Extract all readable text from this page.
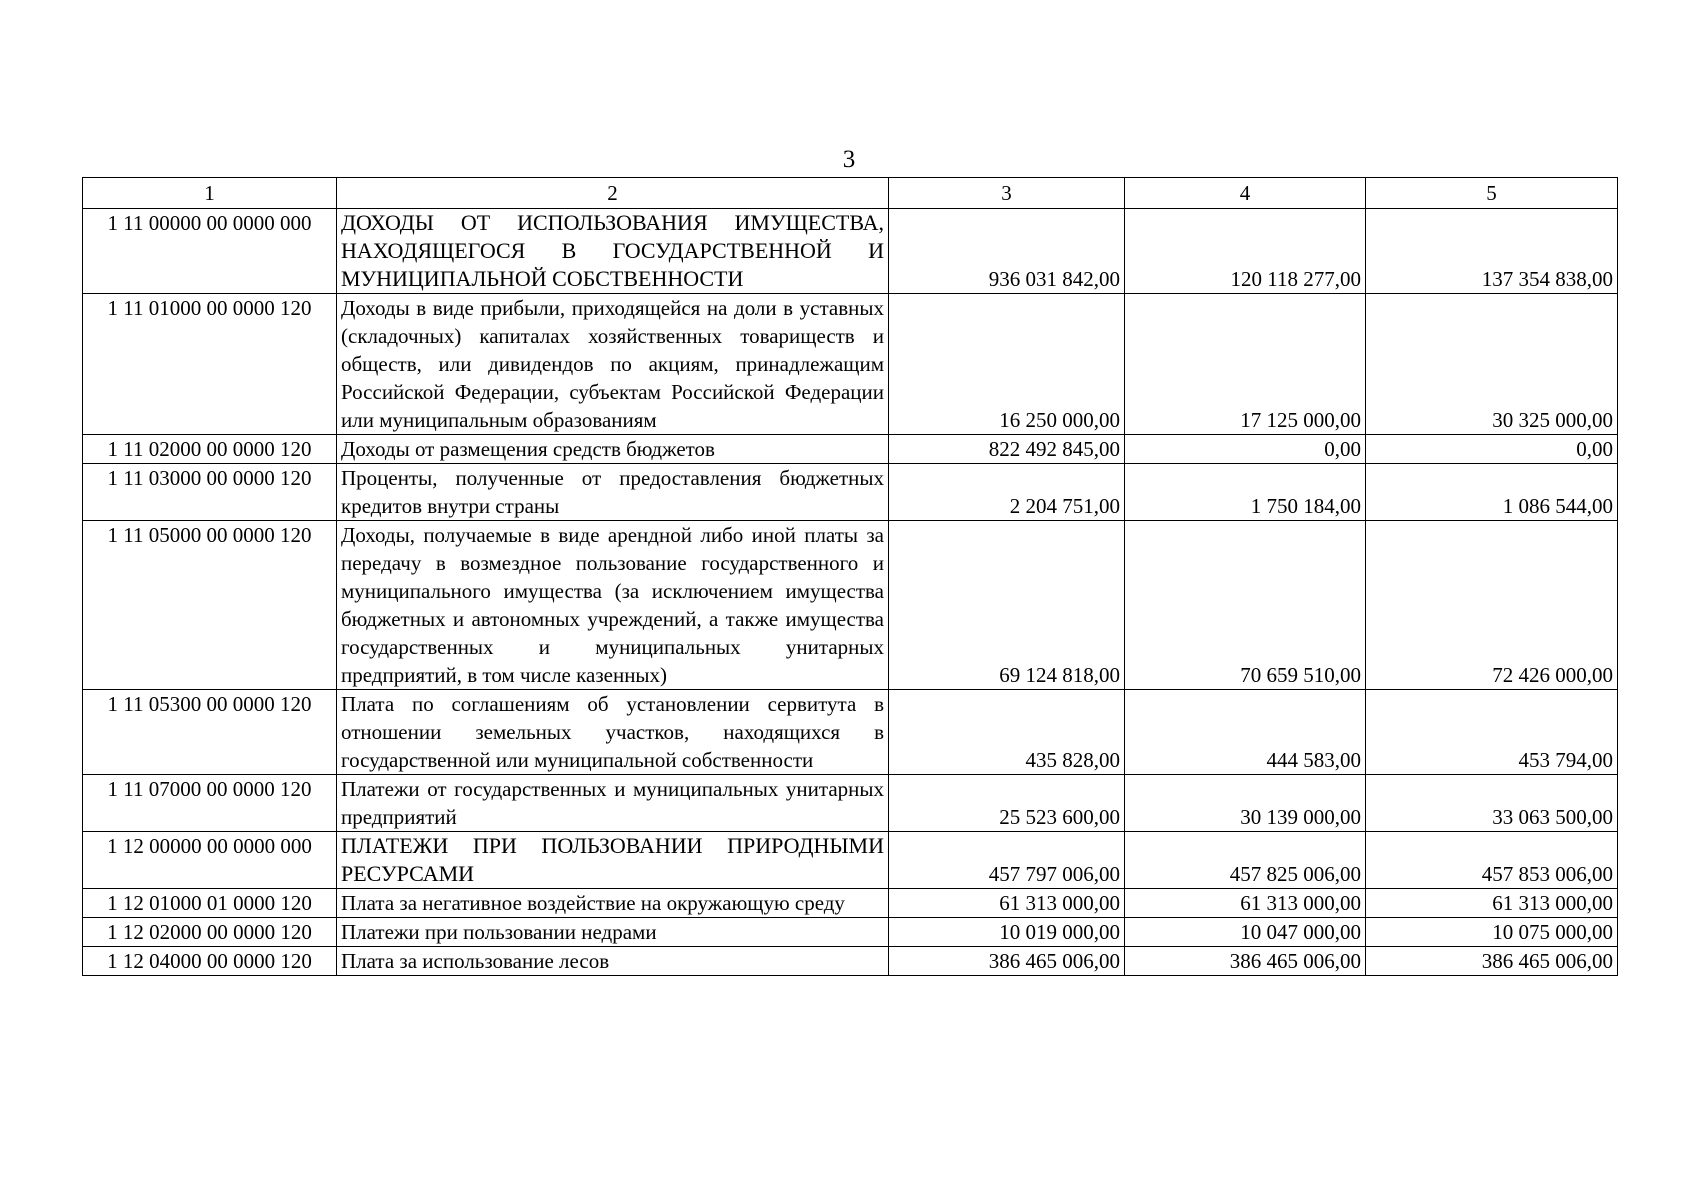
3
1	2	3	4	5
1 11 00000 00 0000 000	ДОХОДЫ ОТ ИСПОЛЬЗОВАНИЯ ИМУЩЕСТВА, НАХОДЯЩЕГОСЯ В ГОСУДАРСТВЕННОЙ И МУНИЦИПАЛЬНОЙ СОБСТВЕННОСТИ	936 031 842,00	120 118 277,00	137 354 838,00
1 11 01000 00 0000 120	Доходы в виде прибыли, приходящейся на доли в уставных (складочных) капиталах хозяйственных товариществ и обществ, или дивидендов по акциям, принадлежащим Российской Федерации, субъектам Российской Федерации или муниципальным образованиям	16 250 000,00	17 125 000,00	30 325 000,00
1 11 02000 00 0000 120	Доходы от размещения средств бюджетов	822 492 845,00	0,00	0,00
1 11 03000 00 0000 120	Проценты, полученные от предоставления бюджетных кредитов внутри страны	2 204 751,00	1 750 184,00	1 086 544,00
1 11 05000 00 0000 120	Доходы, получаемые в виде арендной либо иной платы за передачу в возмездное пользование государственного и муниципального имущества (за исключением имущества бюджетных и автономных учреждений, а также имущества государственных и муниципальных унитарных предприятий, в том числе казенных)	69 124 818,00	70 659 510,00	72 426 000,00
1 11 05300 00 0000 120	Плата по соглашениям об установлении сервитута в отношении земельных участков, находящихся в государственной или муниципальной собственности	435 828,00	444 583,00	453 794,00
1 11 07000 00 0000 120	Платежи от государственных и муниципальных унитарных предприятий	25 523 600,00	30 139 000,00	33 063 500,00
1 12 00000 00 0000 000	ПЛАТЕЖИ ПРИ ПОЛЬЗОВАНИИ ПРИРОДНЫМИ РЕСУРСАМИ	457 797 006,00	457 825 006,00	457 853 006,00
1 12 01000 01 0000 120	Плата за негативное воздействие на окружающую среду	61 313 000,00	61 313 000,00	61 313 000,00
1 12 02000 00 0000 120	Платежи при пользовании недрами	10 019 000,00	10 047 000,00	10 075 000,00
1 12 04000 00 0000 120	Плата за использование лесов	386 465 006,00	386 465 006,00	386 465 006,00
